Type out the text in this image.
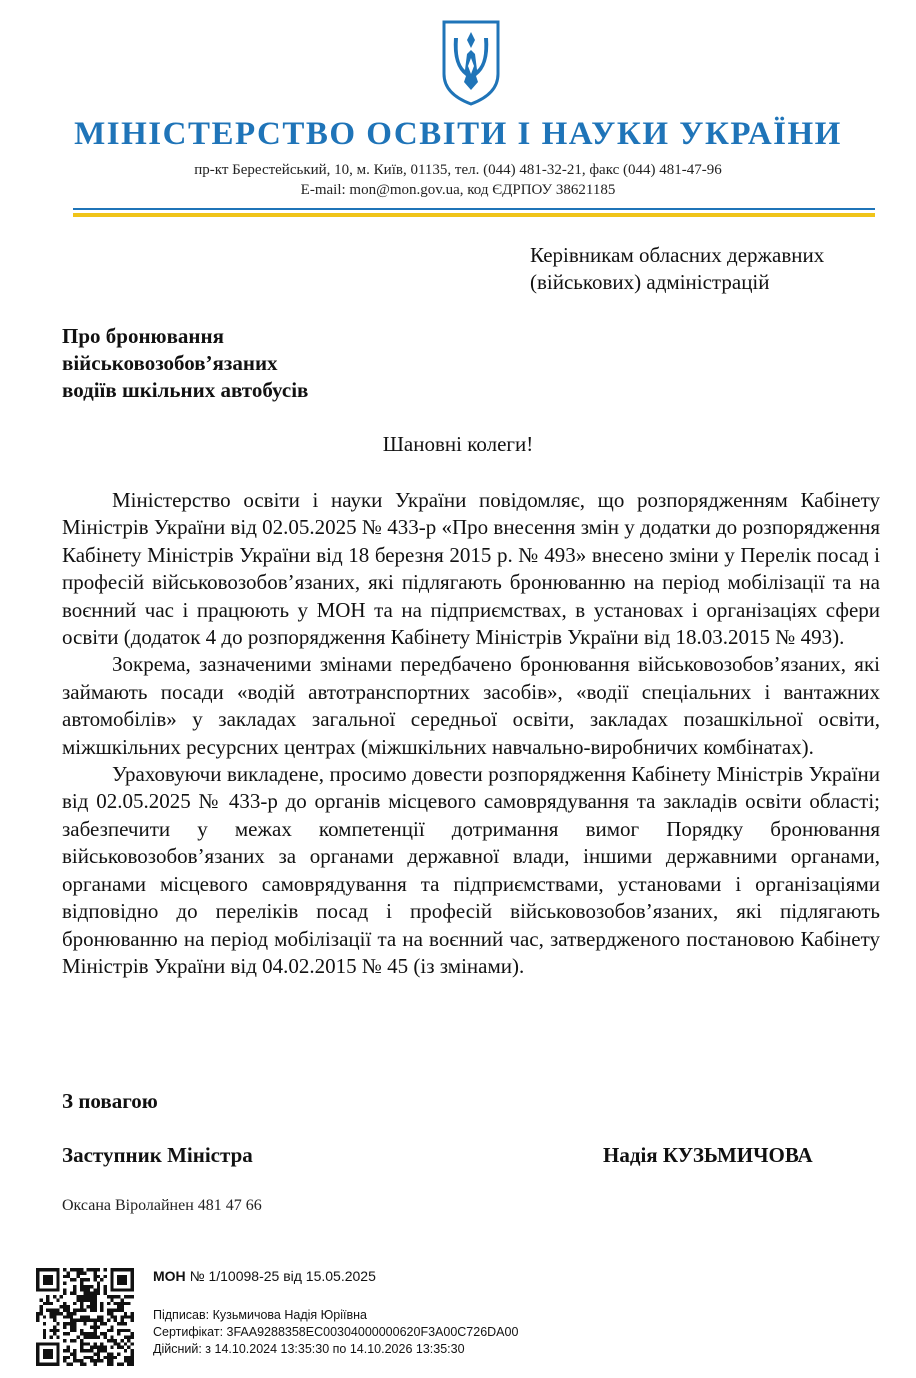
МІНІСТЕРСТВО ОСВІТИ І НАУКИ УКРАЇНИ
пр-кт Берестейський, 10, м. Київ, 01135, тел. (044) 481-32-21, факс (044) 481-47-96
E-mail: mon@mon.gov.ua, код ЄДРПОУ 38621185
Керівникам обласних державних
(військових) адміністрацій
Про бронювання
військовозобов’язаних
водіїв шкільних автобусів
Шановні колеги!

Міністерство освіти і науки України повідомляє, що розпорядженням Кабінету Міністрів України від 02.05.2025 № 433-р «Про внесення змін у додатки до розпорядження Кабінету Міністрів України від 18 березня 2015 р. № 493» внесено зміни у Перелік посад і професій військовозобов’язаних, які підлягають бронюванню на період мобілізації та на воєнний час і працюють у МОН та на підприємствах, в установах і організаціях сфери освіти (додаток 4 до розпорядження Кабінету Міністрів України від 18.03.2015 № 493).

Зокрема, зазначеними змінами передбачено бронювання військовозобов’язаних, які займають посади «водій автотранспортних засобів», «водії спеціальних і вантажних автомобілів» у закладах загальної середньої освіти, закладах позашкільної освіти, міжшкільних ресурсних центрах (міжшкільних навчально-виробничих комбінатах).

Ураховуючи викладене, просимо довести розпорядження Кабінету Міністрів України від 02.05.2025 № 433-р до органів місцевого самоврядування та закладів освіти області; забезпечити у межах компетенції дотримання вимог Порядку бронювання військовозобов’язаних за органами державної влади, іншими державними органами, органами місцевого самоврядування та підприємствами, установами і організаціями відповідно до переліків посад і професій військовозобов’язаних, які підлягають бронюванню на період мобілізації та на воєнний час, затвердженого постановою Кабінету Міністрів України від 04.02.2015 № 45 (із змінами).

З повагою
Заступник Міністра	Надія КУЗЬМИЧОВА
Оксана Віролайнен 481 47 66
МОН № 1/10098-25 від 15.05.2025
Підписав: Кузьмичова Надія Юріївна
Сертифікат: 3FAA9288358EC00304000000620F3A00C726DA00
Дійсний: з 14.10.2024 13:35:30 по 14.10.2026 13:35:30
